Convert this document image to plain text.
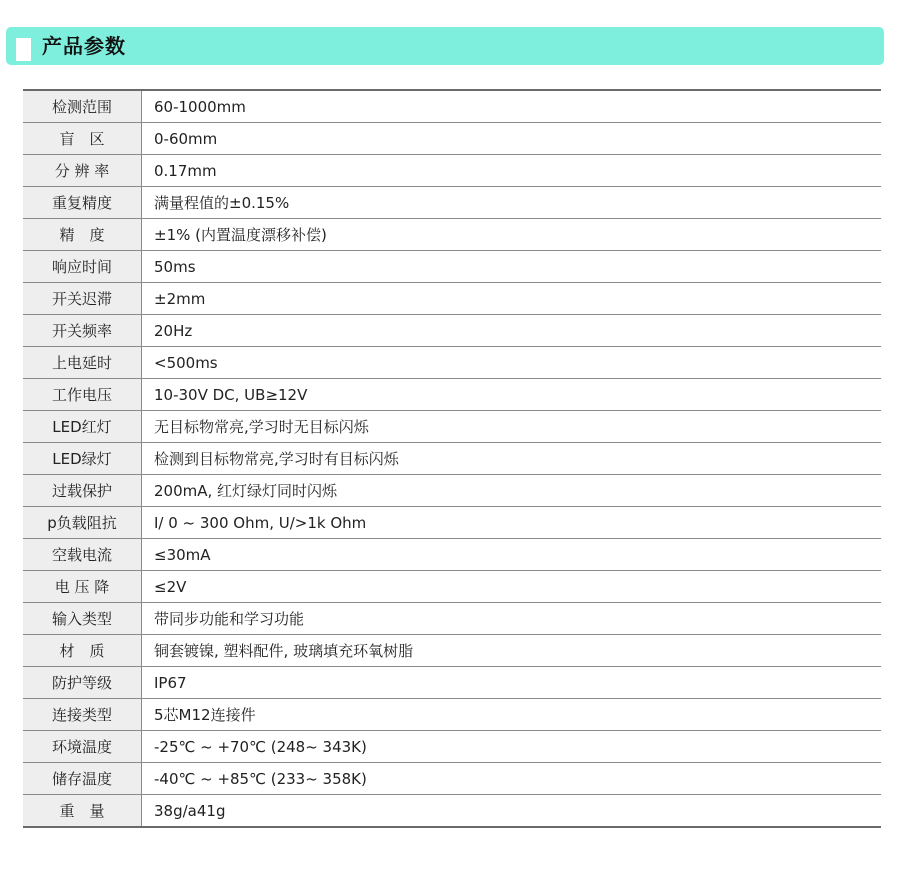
产品参数
检测范围	60-1000mm
盲　区	0-60mm
分 辨 率	0.17mm
重复精度	满量程值的±0.15%
精　度	±1% (内置温度漂移补偿)
响应时间	50ms
开关迟滞	±2mm
开关频率	20Hz
上电延时	<500ms
工作电压	10-30V DC, UB≥12V
LED红灯	无目标物常亮,学习时无目标闪烁
LED绿灯	检测到目标物常亮,学习时有目标闪烁
过载保护	200mA, 红灯绿灯同时闪烁
p负载阻抗	I/ 0 ~ 300 Ohm, U/>1k Ohm
空载电流	≤30mA
电 压 降	≤2V
输入类型	带同步功能和学习功能
材　质	铜套镀镍, 塑料配件, 玻璃填充环氧树脂
防护等级	IP67
连接类型	5芯M12连接件
环境温度	-25℃ ~ +70℃ (248~ 343K)
储存温度	-40℃ ~ +85℃ (233~ 358K)
重　量	38g/a41g
